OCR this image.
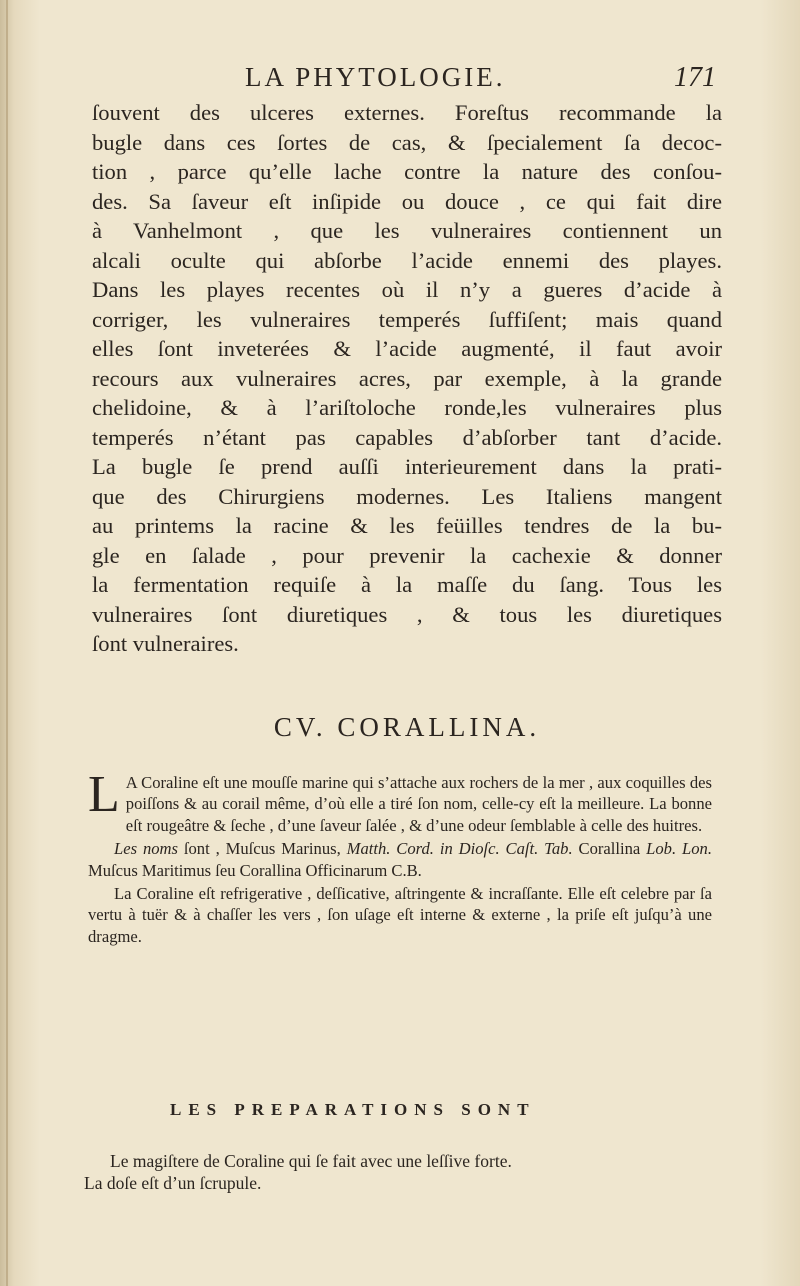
LA PHYTOLOGIE.	171
ſouvent des ulceres externes. Foreſtus recommande la
bugle dans ces ſortes de cas, & ſpecialement ſa decoc-
tion , parce qu’elle lache contre la nature des conſou-
des. Sa ſaveur eſt inſipide ou douce , ce qui fait dire
à Vanhelmont , que les vulneraires contiennent un
alcali oculte qui abſorbe l’acide ennemi des playes.
Dans les playes recentes où il n’y a gueres d’acide à
corriger, les vulneraires temperés ſuffiſent; mais quand
elles ſont inveterées & l’acide augmenté, il faut avoir
recours aux vulneraires acres, par exemple, à la grande
chelidoine, & à l’ariſtoloche ronde,les vulneraires plus
temperés n’étant pas capables d’abſorber tant d’acide.
La bugle ſe prend auſſi interieurement dans la prati-
que des Chirurgiens modernes. Les Italiens mangent
au printems la racine & les feüilles tendres de la bu-
gle en ſalade , pour prevenir la cachexie & donner
la fermentation requiſe à la maſſe du ſang. Tous les
vulneraires ſont diuretiques , & tous les diuretiques
ſont vulneraires.
CV. CORALLINA.

L A Coraline eſt une mouſſe marine qui s’attache aux rochers de la mer , aux coquilles des poiſſons & au corail même, d’où elle a tiré ſon nom, celle-cy eſt la meilleure. La bonne eſt rougeâtre & ſeche , d’une ſaveur ſalée , & d’une odeur ſemblable à celle des huitres.

Les noms ſont , Muſcus Marinus, Matth. Cord. in Dioſc. Caſt. Tab. Corallina Lob. Lon. Muſcus Maritimus ſeu Corallina Officinarum C.B.

La Coraline eſt refrigerative , deſſicative, aſtringente & incraſſante. Elle eſt celebre par ſa vertu à tuër & à chaſſer les vers , ſon uſage eſt interne & externe , la priſe eſt juſqu’à une dragme.

LES PREPARATIONS SONT

Le magiſtere de Coraline qui ſe fait avec une leſſive forte.

La doſe eſt d’un ſcrupule.
